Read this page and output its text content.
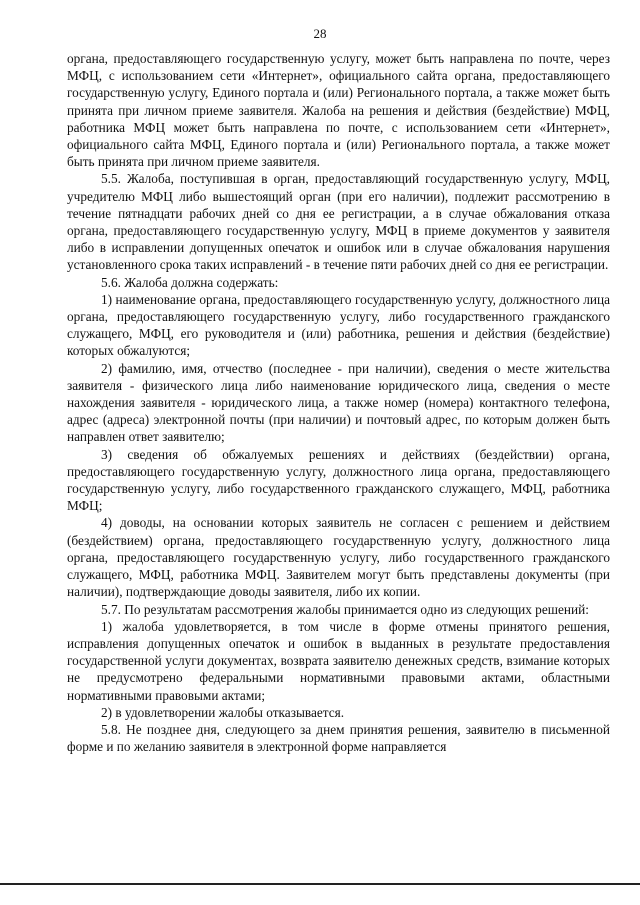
28

органа, предоставляющего государственную услугу, может быть направлена по почте, через МФЦ, с использованием сети «Интернет», официального сайта органа, предоставляющего государственную услугу, Единого портала и (или) Регионального портала, а также может быть принята при личном приеме заявителя. Жалоба на решения и действия (бездействие) МФЦ, работника МФЦ может быть направлена по почте, с использованием сети «Интернет», официального сайта МФЦ, Единого портала и (или) Регионального портала, а также может быть принята при личном приеме заявителя.

5.5. Жалоба, поступившая в орган, предоставляющий государственную услугу, МФЦ, учредителю МФЦ либо вышестоящий орган (при его наличии), подлежит рассмотрению в течение пятнадцати рабочих дней со дня ее регистрации, а в случае обжалования отказа органа, предоставляющего государственную услугу, МФЦ в приеме документов у заявителя либо в исправлении допущенных опечаток и ошибок или в случае обжалования нарушения установленного срока таких исправлений - в течение пяти рабочих дней со дня ее регистрации.

5.6. Жалоба должна содержать:

1) наименование органа, предоставляющего государственную услугу, должностного лица органа, предоставляющего государственную услугу, либо государственного гражданского служащего, МФЦ, его руководителя и (или) работника, решения и действия (бездействие) которых обжалуются;

2) фамилию, имя, отчество (последнее - при наличии), сведения о месте жительства заявителя - физического лица либо наименование юридического лица, сведения о месте нахождения заявителя - юридического лица, а также номер (номера) контактного телефона, адрес (адреса) электронной почты (при наличии) и почтовый адрес, по которым должен быть направлен ответ заявителю;

3) сведения об обжалуемых решениях и действиях (бездействии) органа, предоставляющего государственную услугу, должностного лица органа, предоставляющего государственную услугу, либо государственного гражданского служащего, МФЦ, работника МФЦ;

4) доводы, на основании которых заявитель не согласен с решением и действием (бездействием) органа, предоставляющего государственную услугу, должностного лица органа, предоставляющего государственную услугу, либо государственного гражданского служащего, МФЦ, работника МФЦ. Заявителем могут быть представлены документы (при наличии), подтверждающие доводы заявителя, либо их копии.

5.7. По результатам рассмотрения жалобы принимается одно из следующих решений:

1) жалоба удовлетворяется, в том числе в форме отмены принятого решения, исправления допущенных опечаток и ошибок в выданных в результате предоставления государственной услуги документах, возврата заявителю денежных средств, взимание которых не предусмотрено федеральными нормативными правовыми актами, областными нормативными правовыми актами;

2) в удовлетворении жалобы отказывается.

5.8. Не позднее дня, следующего за днем принятия решения, заявителю в письменной форме и по желанию заявителя в электронной форме направляется
